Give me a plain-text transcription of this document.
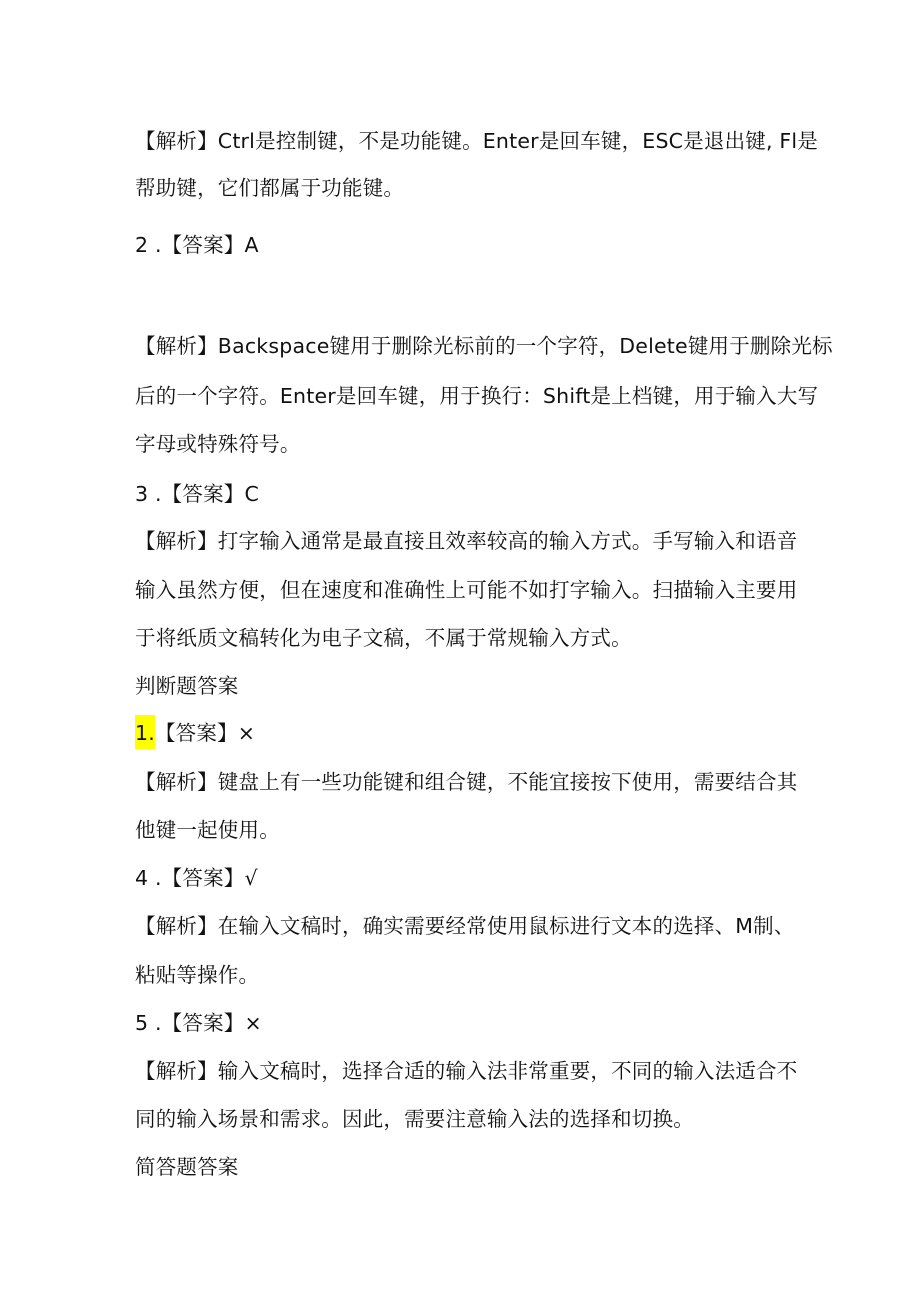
【解析】Ctrl是控制键，不是功能键。Enter是回车键，ESC是退出键, Fl是
帮助键，它们都属于功能键。
2 .【答案】A
【解析】Backspace键用于删除光标前的一个字符，Delete键用于删除光标
后的一个字符。Enter是回车键，用于换行：Shift是上档键，用于输入大写
字母或特殊符号。
3 .【答案】C
【解析】打字输入通常是最直接且效率较高的输入方式。手写输入和语音
输入虽然方便，但在速度和准确性上可能不如打字输入。扫描输入主要用
于将纸质文稿转化为电子文稿，不属于常规输入方式。
判断题答案
1.【答案】×
【解析】键盘上有一些功能键和组合键，不能宜接按下使用，需要结合其
他键一起使用。
4 .【答案】√
【解析】在输入文稿时，确实需要经常使用鼠标进行文本的选择、M制、
粘贴等操作。
5 .【答案】×
【解析】输入文稿时，选择合适的输入法非常重要，不同的输入法适合不
同的输入场景和需求。因此，需要注意输入法的选择和切换。
简答题答案
